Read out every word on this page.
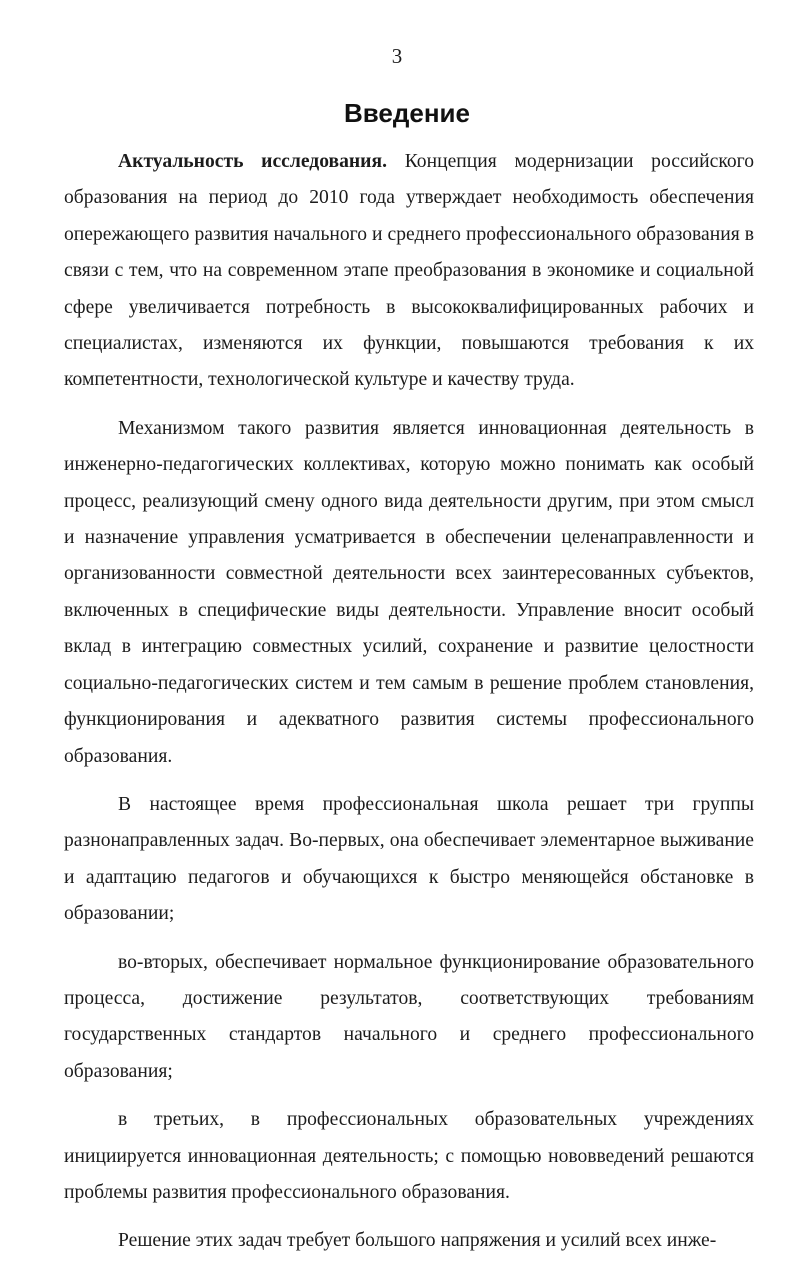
3
Введение

Актуальность исследования. Концепция модернизации российского образования на период до 2010 года утверждает необходимость обеспечения опережающего развития начального и среднего профессионального образования в связи с тем, что на современном этапе преобразования в экономике и социальной сфере увеличивается потребность в высококвалифицированных рабочих и специалистах, изменяются их функции, повышаются требования к их компетентности, технологической культуре и качеству труда.

Механизмом такого развития является инновационная деятельность в инженерно-педагогических коллективах, которую можно понимать как особый процесс, реализующий смену одного вида деятельности другим, при этом смысл и назначение управления усматривается в обеспечении целенаправленности и организованности совместной деятельности всех заинтересованных субъектов, включенных в специфические виды деятельности. Управление вносит особый вклад в интеграцию совместных усилий, сохранение и развитие целостности социально-педагогических систем и тем самым в решение проблем становления, функционирования и адекватного развития системы профессионального образования.

В настоящее время профессиональная школа решает три группы разнонаправленных задач. Во-первых, она обеспечивает элементарное выживание и адаптацию педагогов и обучающихся к быстро меняющейся обстановке в образовании;

во-вторых, обеспечивает нормальное функционирование образовательного процесса, достижение результатов, соответствующих требованиям государственных стандартов начального и среднего профессионального образования;

в третьих, в профессиональных образовательных учреждениях инициируется инновационная деятельность; с помощью нововведений решаются проблемы развития профессионального образования.

Решение этих задач требует большого напряжения и усилий всех инже-
